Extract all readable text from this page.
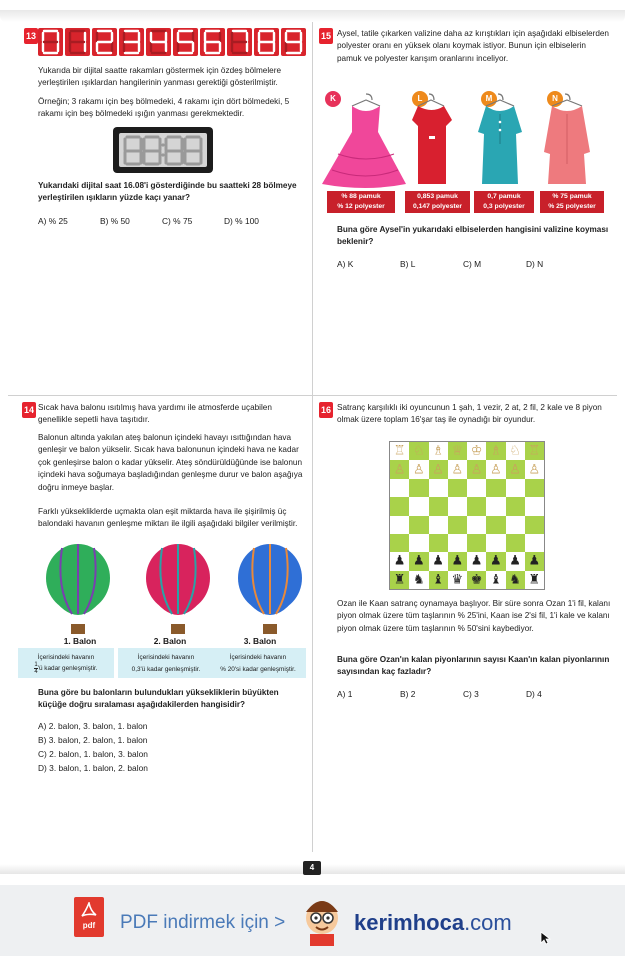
13
Yukarıda bir dijital saatte rakamları göstermek için özdeş bölmelere yerleştirilen ışıklardan hangilerinin yanması gerektiği gösterilmiştir.
Örneğin; 3 rakamı için beş bölmedeki, 4 rakamı için dört bölmedeki, 5 rakamı için beş bölmedeki ışığın yanması gerekmektedir.
Yukarıdaki dijital saat 16.08'i gösterdiğinde bu saatteki 28 bölmeye yerleştirilen ışıkların yüzde kaçı yanar?
A) % 25	B) % 50	C) % 75	D) % 100
15 Aysel, tatile çıkarken valizine daha az kırıştıkları için aşağıdaki elbiselerden polyester oranı en yüksek olanı koymak istiyor. Bunun için elbiselerin pamuk ve polyester karışım oranlarını inceliyor.
K	L	M	N
% 88 pamuk
% 12 polyester
0,853 pamuk
0,147 polyester
0,7 pamuk
0,3 polyester
% 75 pamuk
% 25 polyester
Buna göre Aysel'in yukarıdaki elbiselerden hangisini valizine koyması beklenir?
A) K	B) L	C) M	D) N
14 Sıcak hava balonu ısıtılmış hava yardımı ile atmosferde uçabilen genellikle sepetli hava taşıtıdır.
Balonun altında yakılan ateş balonun içindeki havayı ısıttığından hava genleşir ve balon yükselir. Sıcak hava balonunun içindeki hava ne kadar çok genleşirse balon o kadar yükselir. Ateş söndürüldüğünde ise balonun içindeki hava soğumaya başladığından genleşme durur ve balon aşağıya doğru inmeye başlar.
Farklı yüksekliklerde uçmakta olan eşit miktarda hava ile şişirilmiş üç balondaki havanın genleşme miktarı ile ilgili aşağıdaki bilgiler verilmiştir.
1. Balon	2. Balon	3. Balon
İçerisindeki havanın
$\frac{1}{4}$ 'ü kadar genleşmiştir.
İçerisindeki havanın
0,3'ü kadar genleşmiştir.
İçerisindeki havanın
% 20'si kadar genleşmiştir.
Buna göre bu balonların bulundukları yüksekliklerin büyükten küçüğe doğru sıralaması aşağıdakilerden hangisidir?
A) 2. balon, 3. balon, 1. balon
B) 3. balon, 2. balon, 1. balon
C) 2. balon, 1. balon, 3. balon
D) 3. balon, 1. balon, 2. balon
16 Satranç karşılıklı iki oyuncunun 1 şah, 1 vezir, 2 at, 2 fil, 2 kale ve 8 piyon olmak üzere toplam 16'şar taş ile oynadığı bir oyundur.
♖ ♘ ♗ ♕ ♔ ♗ ♘ ♖
♙ ♙ ♙ ♙ ♙ ♙ ♙ ♙
♟ ♟ ♟ ♟ ♟ ♟ ♟ ♟
♜ ♞ ♝ ♛ ♚ ♝ ♞ ♜
Ozan ile Kaan satranç oynamaya başlıyor. Bir süre sonra Ozan 1'i fil, kalanı piyon olmak üzere tüm taşlarının % 25'ini, Kaan ise 2'si fil, 1'i kale ve kalanı piyon olmak üzere tüm taşlarının % 50'sini kaybediyor.
Buna göre Ozan'ın kalan piyonlarının sayısı Kaan'ın kalan piyonlarının sayısından kaç fazladır?
A) 1	B) 2	C) 3	D) 4
4
pdf	PDF indirmek için >	kerimhoca.com
